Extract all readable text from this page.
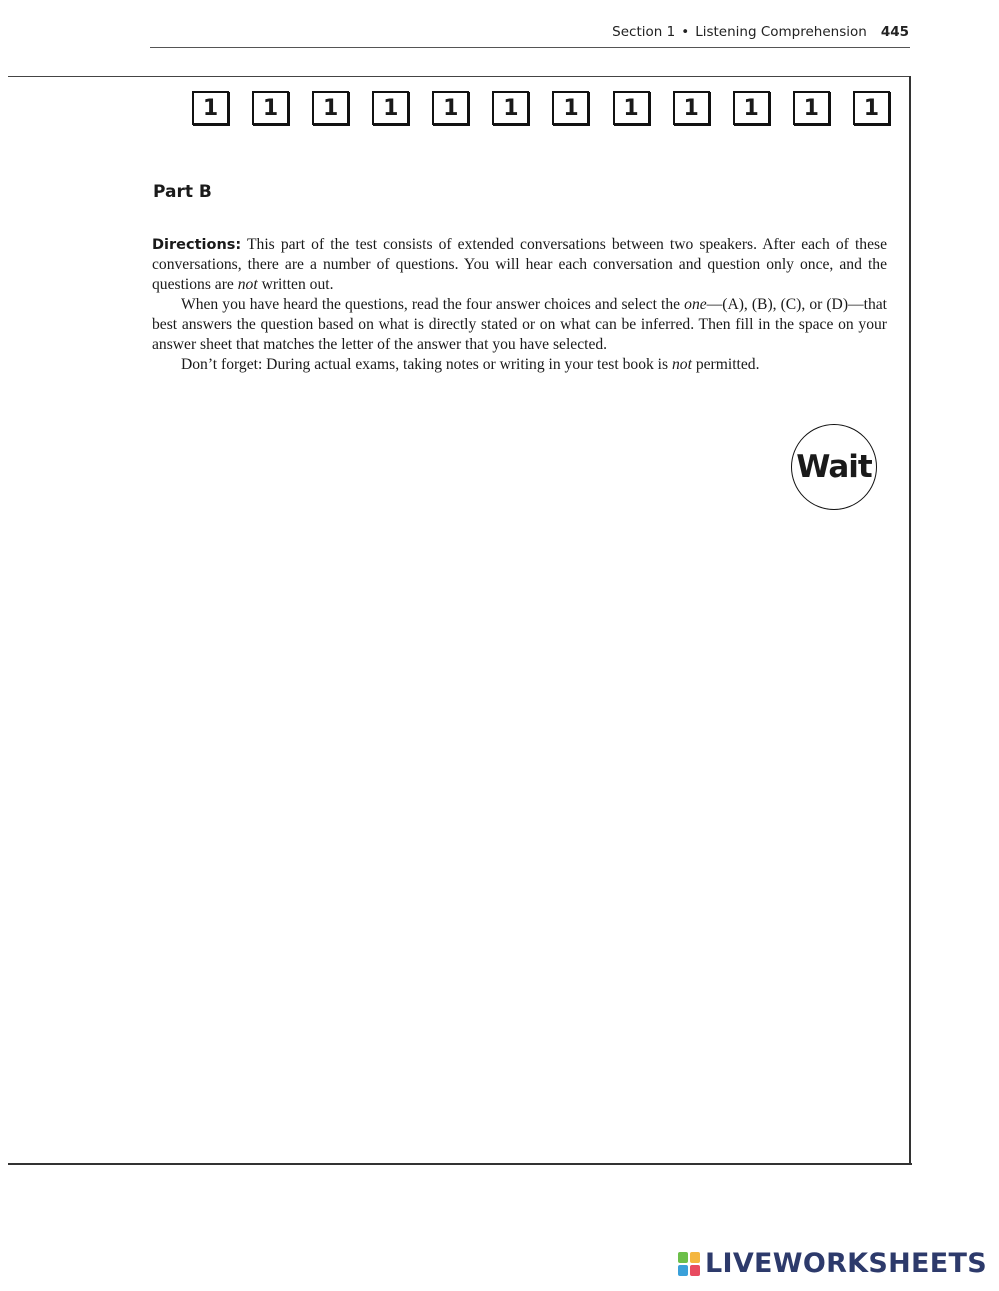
Section 1 • Listening Comprehension 445
1	1	1	1	1	1	1	1	1	1	1	1
Part B

Directions: This part of the test consists of extended conversations between two speakers. After each of these conversations, there are a number of questions. You will hear each conversation and question only once, and the questions are not written out.

When you have heard the questions, read the four answer choices and select the one—(A), (B), (C), or (D)—that best answers the question based on what is directly stated or on what can be inferred. Then fill in the space on your answer sheet that matches the letter of the answer that you have selected.

Don’t forget: During actual exams, taking notes or writing in your test book is not permitted.

Wait
LIVEWORKSHEETS
